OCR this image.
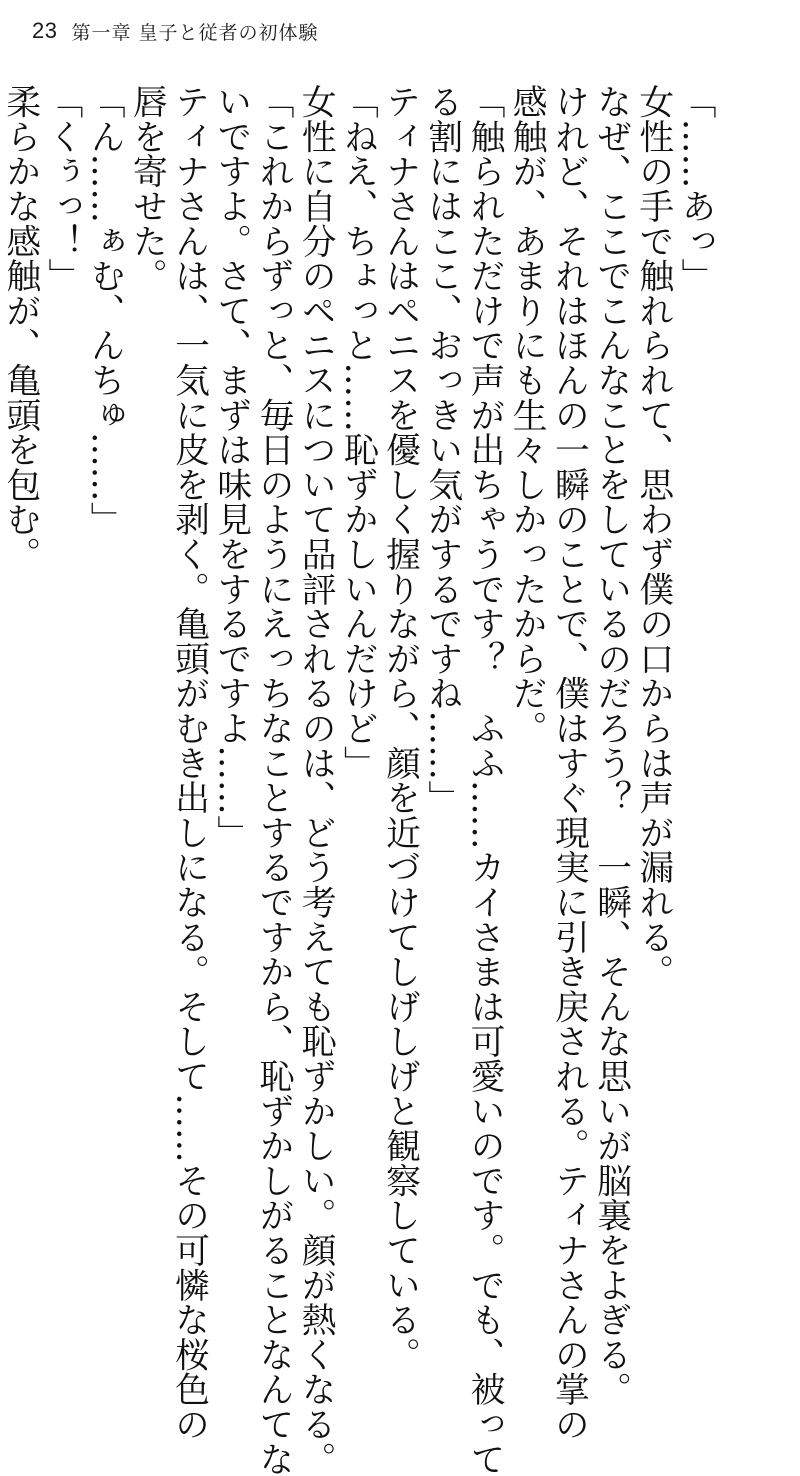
23 第一章 皇子と従者の初体験
「……あっ」
女性の手で触れられて、思わず僕の口からは声が漏れる。
なぜ、ここでこんなことをしているのだろう？　一瞬、そんな思いが脳裏をよぎる。
けれど、それはほんの一瞬のことで、僕はすぐ現実に引き戻される。ティナさんの掌の
感触が、あまりにも生々しかったからだ。
「触られただけで声が出ちゃうです？　ふふ……カイさまは可愛いのです。でも、被って
る割にはここ、おっきい気がするですね……」
ティナさんはペニスを優しく握りながら、顔を近づけてしげしげと観察している。
「ねえ、ちょっと……恥ずかしいんだけど」
女性に自分のペニスについて品評されるのは、どう考えても恥ずかしい。顔が熱くなる。
「これからずっと、毎日のようにえっちなことするですから、恥ずかしがることなんてな
いですよ。さて、まずは味見をするですよ……」
ティナさんは、一気に皮を剥く。亀頭がむき出しになる。そして……その可憐な桜色の
唇を寄せた。
「ん……ぁむ、んちゅ……」
「くぅっ！」
柔らかな感触が、亀頭を包む。
